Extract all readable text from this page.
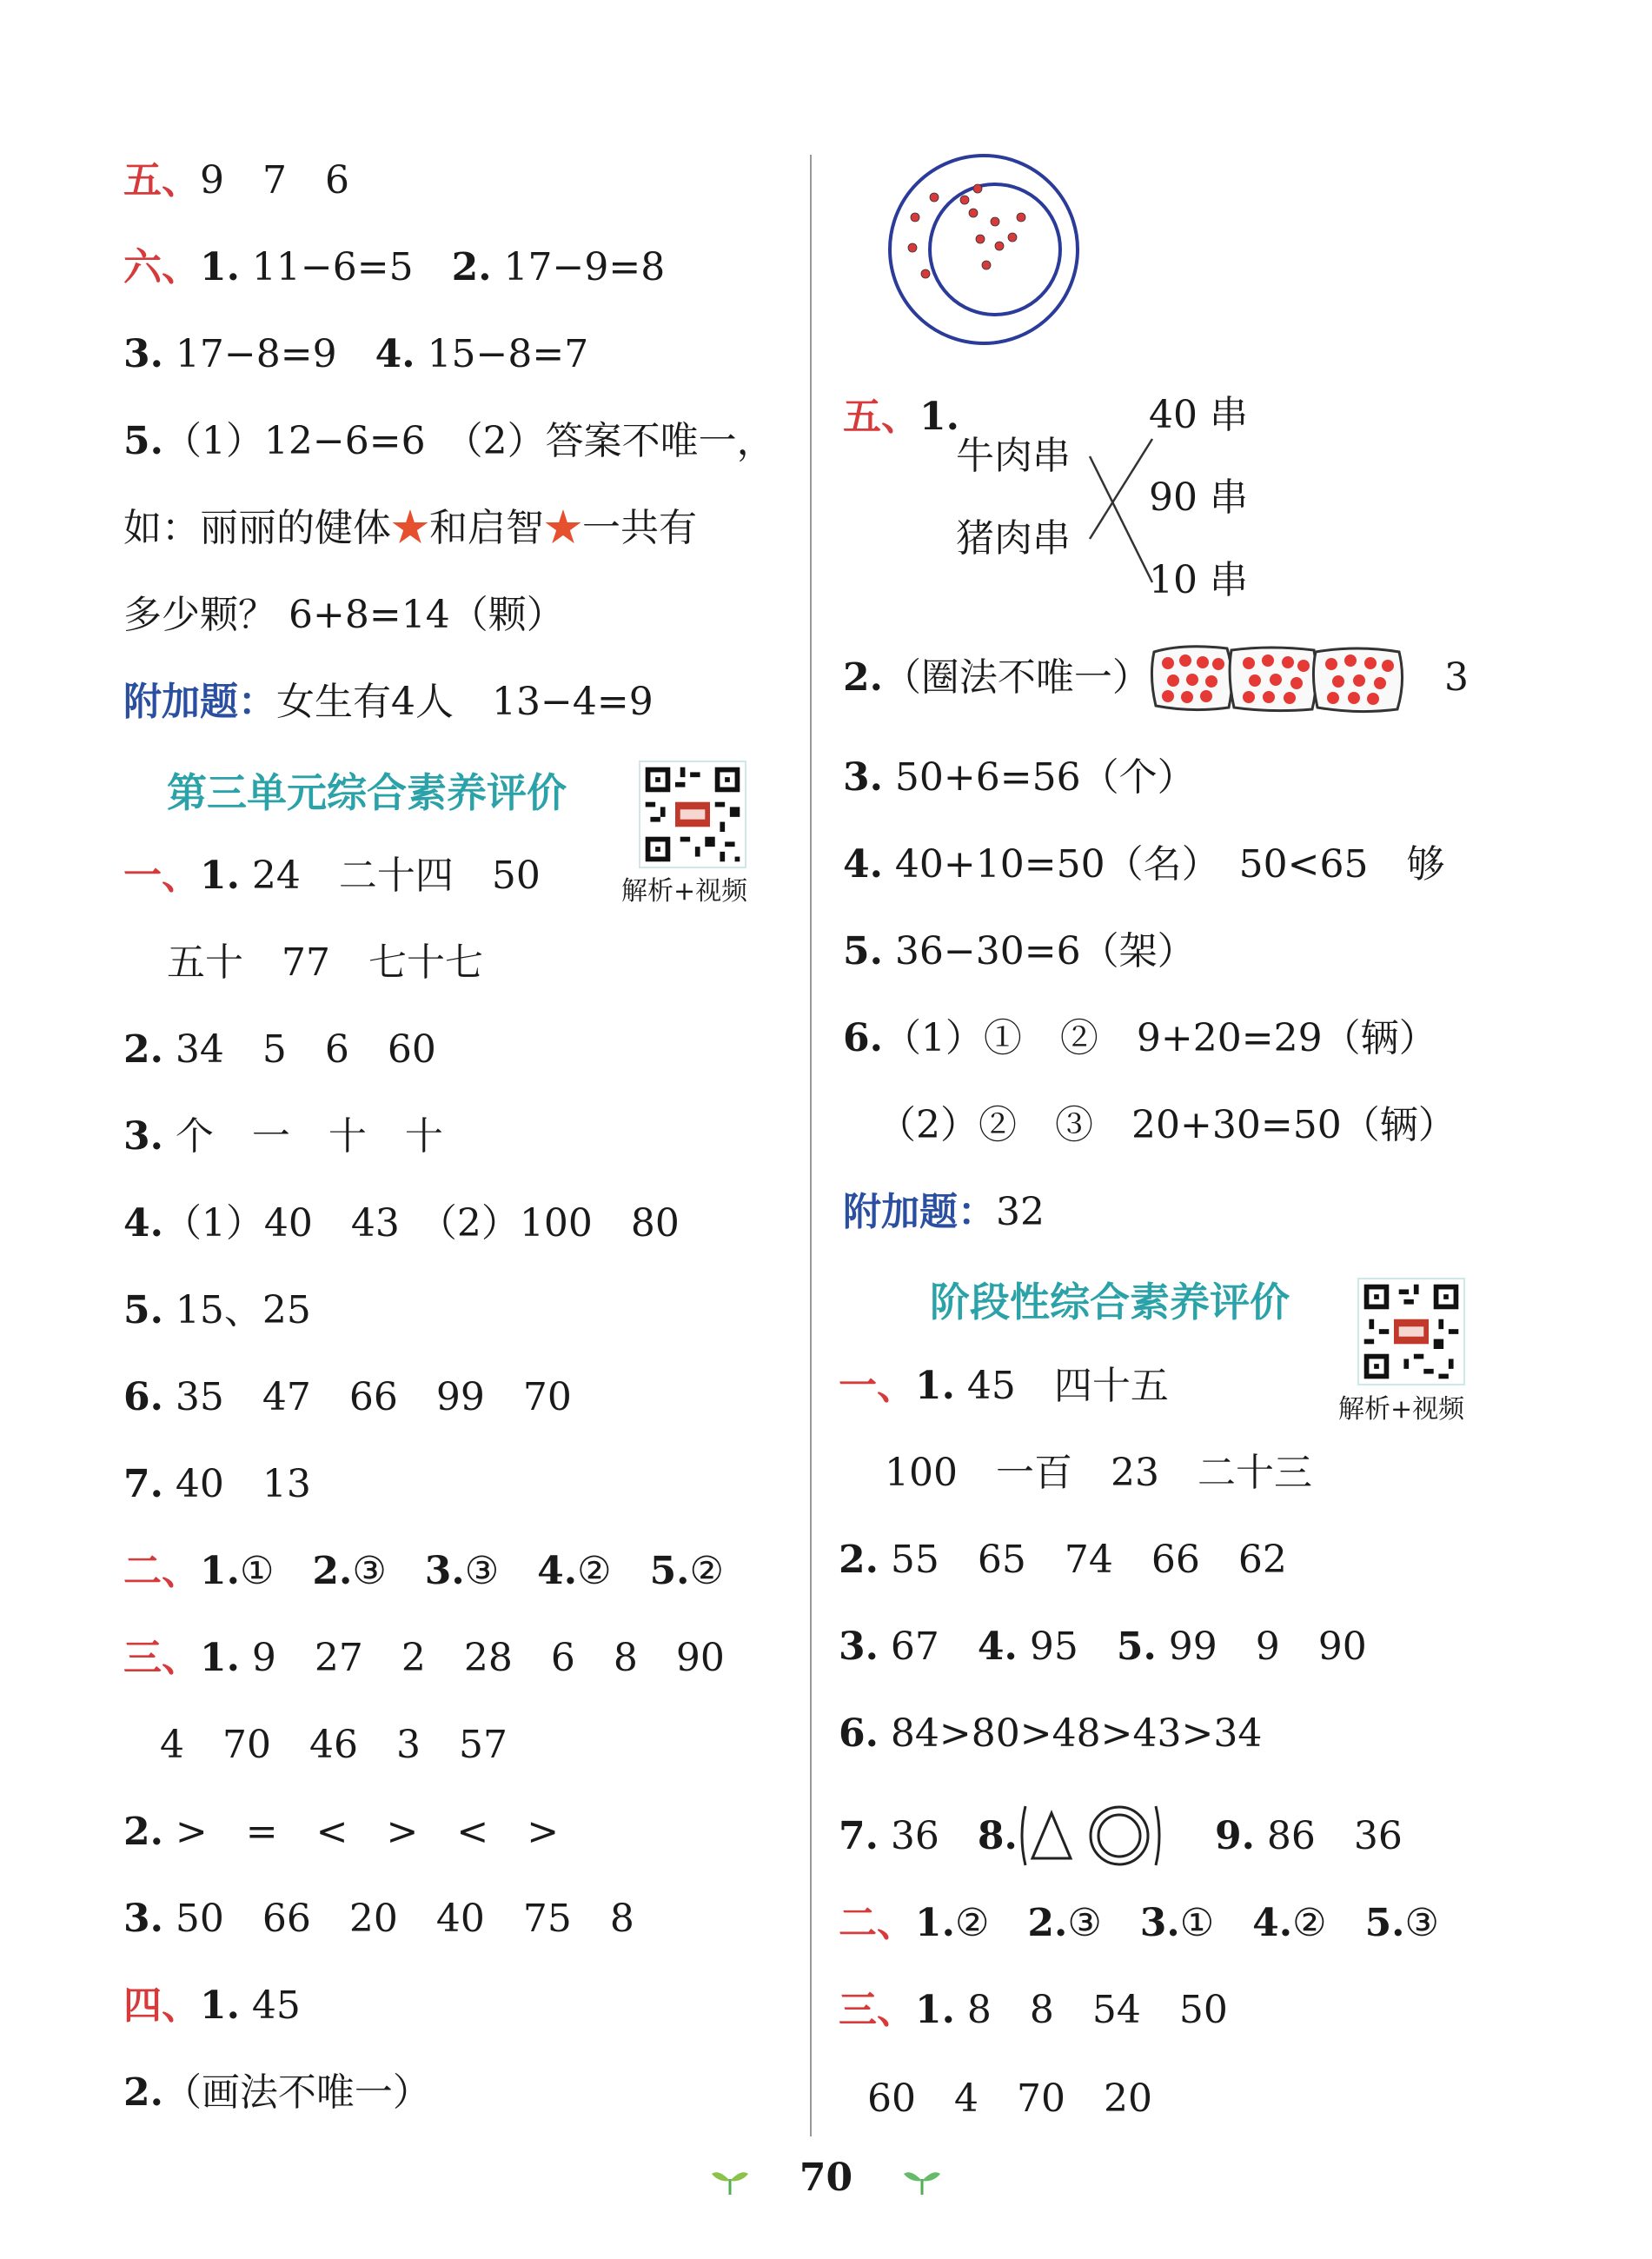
五、9　7　6
六、1. 11−6=5　2. 17−9=8
3. 17−8=9　4. 15−8=7
5.（1）12−6=6　（2）答案不唯一，
如：丽丽的健体★和启智★一共有
多少颗？ 6+8=14（颗）
附加题：女生有4人　13−4=9
第三单元综合素养评价
解析+视频
一、1. 24　二十四　50
五十　77　七十七
2. 34　5　6　60
3. 个　一　十　十
4.（1）40　43　（2）100　80
5. 15、25
6. 35　47　66　99　70
7. 40　13
二、1.①　2.③　3.③　4.②　5.②
三、1. 9　27　2　28　6　8　90
4　70　46　3　57
2. >　=　<　>　<　>
3. 50　66　20　40　75　8
四、1. 45
2.（画法不唯一）
五、1.
牛肉串
猪肉串
40 串
90 串
10 串
2.（圈法不唯一）	3
3. 50+6=56（个）
4. 40+10=50（名）　50<65　够
5. 36−30=6（架）
6.（1）①　②　9+20=29（辆）
（2）②　③　20+30=50（辆）
附加题：32
阶段性综合素养评价
解析+视频
一、1. 45　四十五
100　一百　23　二十三
2. 55　65　74　66　62
3. 67　4. 95　5. 99　9　90
6. 84>80>48>43>34
7. 36　8.	9. 86　36
二、1.②　2.③　3.①　4.②　5.③
三、1. 8　8　54　50
60　4　70　20
70
